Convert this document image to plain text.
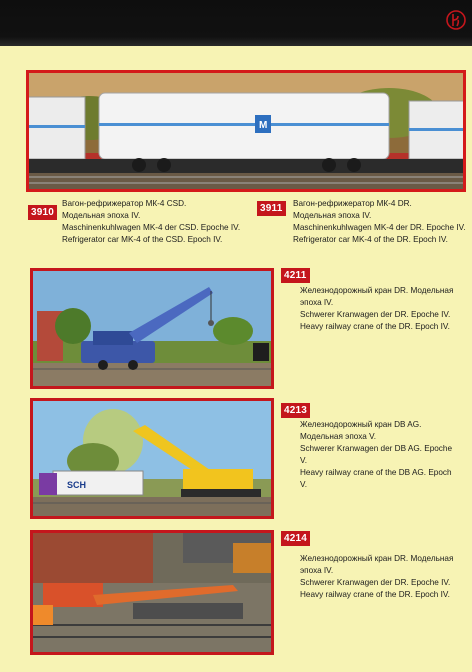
M
3910
Вагон-рефрижератор МК-4 CSD.
Модельная эпоха IV.
Maschinenkuhlwagen MK-4 der CSD. Epoche IV.
Refrigerator car MK-4 of the CSD. Epoch IV.
3911	Вагон-рефрижератор МК-4 DR.
Модельная эпоха IV.
Maschinenkuhlwagen MK-4 der DR. Epoche IV.
Refrigerator car MK-4 of the DR. Epoch IV.
4211
Железнодорожный кран DR. Модельная эпоха IV.
Schwerer Kranwagen der DR. Epoche IV.
Heavy railway crane of the DR. Epoch IV.
SCH
4213
Железнодорожный кран DB AG. Модельная эпоха V.
Schwerer Kranwagen der DB AG. Epoche V.
Heavy railway crane of the DB AG. Epoch V.
4214
Железнодорожный кран DR. Модельная эпоха IV.
Schwerer Kranwagen der DR. Epoche IV.
Heavy railway crane of the DR. Epoch IV.
